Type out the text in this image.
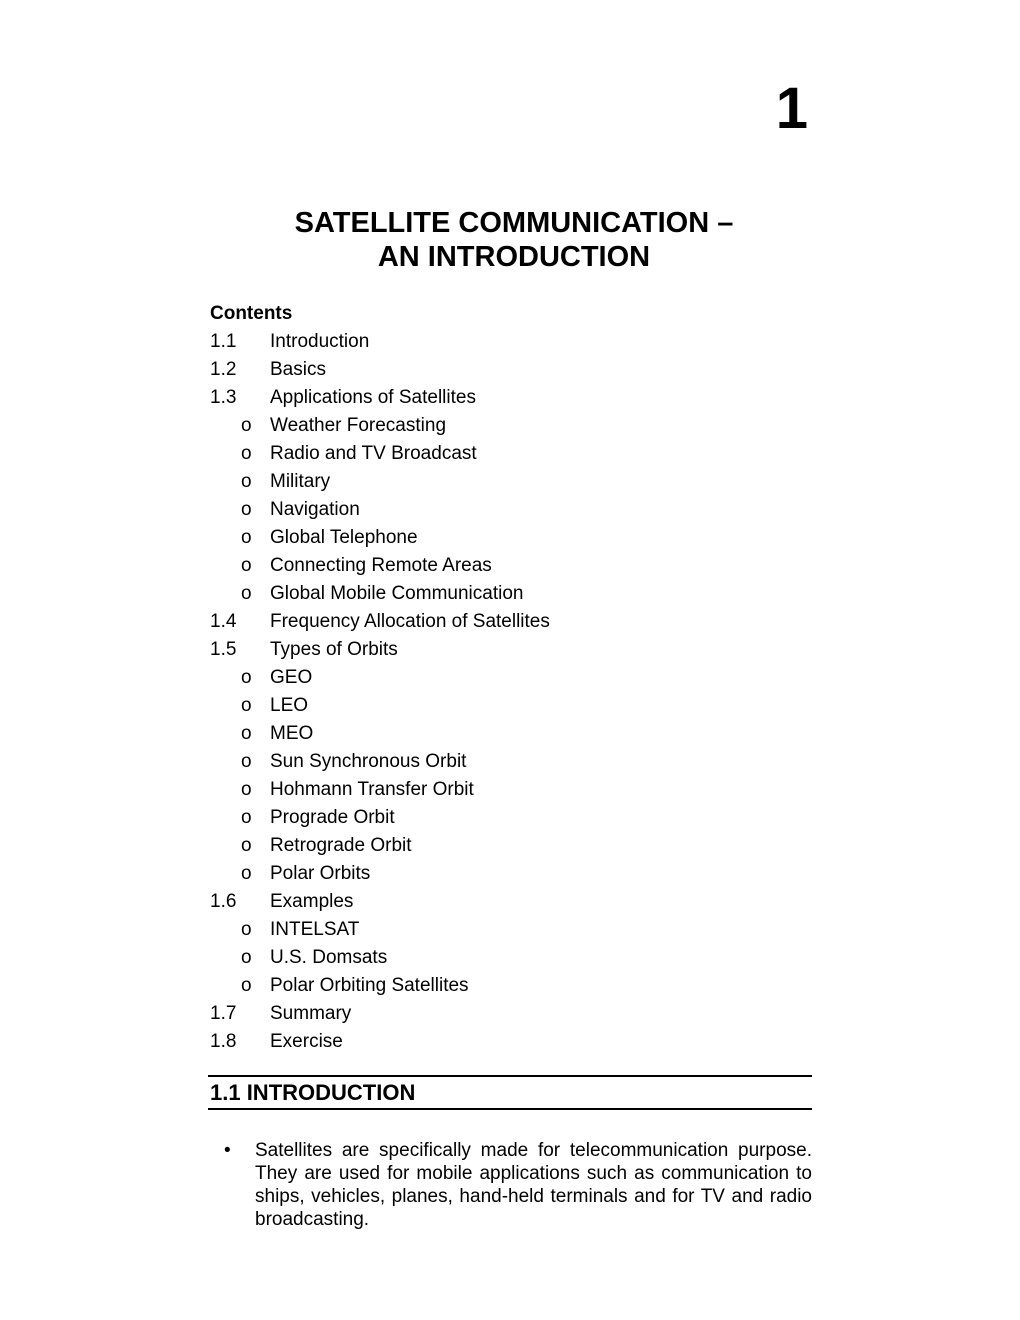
1
SATELLITE COMMUNICATION –
AN INTRODUCTION
Contents
1.1 Introduction
1.2 Basics
1.3 Applications of Satellites
o Weather Forecasting
o Radio and TV Broadcast
o Military
o Navigation
o Global Telephone
o Connecting Remote Areas
o Global Mobile Communication
1.4 Frequency Allocation of Satellites
1.5 Types of Orbits
o GEO
o LEO
o MEO
o Sun Synchronous Orbit
o Hohmann Transfer Orbit
o Prograde Orbit
o Retrograde Orbit
o Polar Orbits
1.6 Examples
o INTELSAT
o U.S. Domsats
o Polar Orbiting Satellites
1.7 Summary
1.8 Exercise
1.1 INTRODUCTION
• Satellites are specifically made for telecommunication purpose. They are used for mobile applications such as communication to ships, vehicles, planes, hand-held terminals and for TV and radio broadcasting.
